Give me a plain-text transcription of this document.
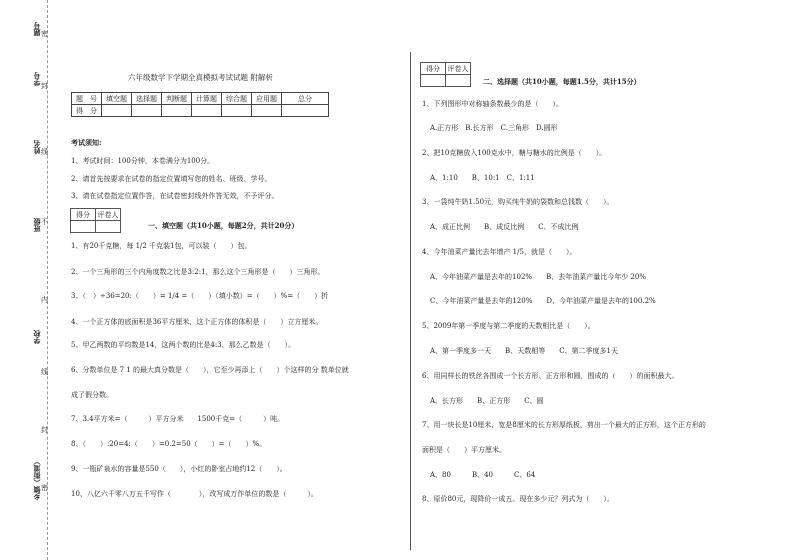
题号
学号
姓名
班级
学校
乡镇（街道）
密
封
线
不
内
线
封
密
六年级数学下学期全真模拟考试试题 附解析
题　号	填空题	选择题	判断题	计算题	综合题	应用题	总分
得　分							
考试须知:
1、考试时间：100分钟，本卷满分为100分。
2、请首先按要求在试卷的指定位置填写您的姓名、班级、学号。
3、请在试卷指定位置作答，在试卷密封线外作答无效，不予评分。
得分	评卷人

一、填空题（共10小题，每题2分，共计20分）
1、有20千克糖，每 1/2 千克装1包，可以装（　　）包。
2、一个三角形的三个内角度数之比是3:2:1，那么这个三角形是（　　）三角形。
3、（　）÷36=20:（　　）= 1/4 =（　　）（填小数）=（　　）%=（　　）折
4、一个正方体的底面积是36平方厘米，这个正方体的体积是（　　）立方厘米。
5、甲乙两数的平均数是14，这两个数的比是4:3，那么乙数是（　　）。
6、分数单位是 7 1 的最大真分数是（　　），它至少再添上（　　）个这样的分 数单位就
成了假分数。
7、3.4平方米=（　　　）平方分米　　1500千克=（　　　）吨。
8、（　　）:20=4:（　　）=0.2=50（　　）=（　　）%。
9、一瓶矿泉水的容量是550（　　），小红的卧室占地约12（　　）。
10、八亿六千零八万五千写作（　　　　），改写成万作单位的数是（　　　）。
得分	评卷人

二、选择题（共10小题，每题1.5分，共计15分）
1、下列图形中对称轴条数最少的是（　　）。
A.正方形　B.长方形　C.三角形　D.圆形
2、把10克糖放入100克水中，糖与糖水的比例是（　　）。
A、1:10　　B、10:1　C、1:11
3、一袋纯牛奶1.50元，购买纯牛奶的袋数和总钱数（　　）。
A、成正比例　　B、成反比例　　C、不成比例
4、今年油菜产量比去年增产 1/5，就是（　　）。
A、今年油菜产量是去年的102%　　B、去年油菜产量比今年少 20%
C、今年油菜产量是去年的120%　　D、今年油菜产量是去年的100.2%
5、2009年第一季度与第二季度的天数相比是（　　）。
A、第一季度多一天　　B、天数相等　　C、第二季度多1天
6、用同样长的铁丝各围成一个长方形、正方形和圆，围成的（　　）的面积最大。
A、长方形　　B、正方形　　C、圆
7、用一块长是10厘米，宽是8厘米的长方形厚纸板，剪出一个最大的正方形，这个正方形的
面积是（　　）平方厘米。
A、80　　　B、40　　　C、64
8、原价80元，现降价一成五。现在多少元？列式为（　　）。
